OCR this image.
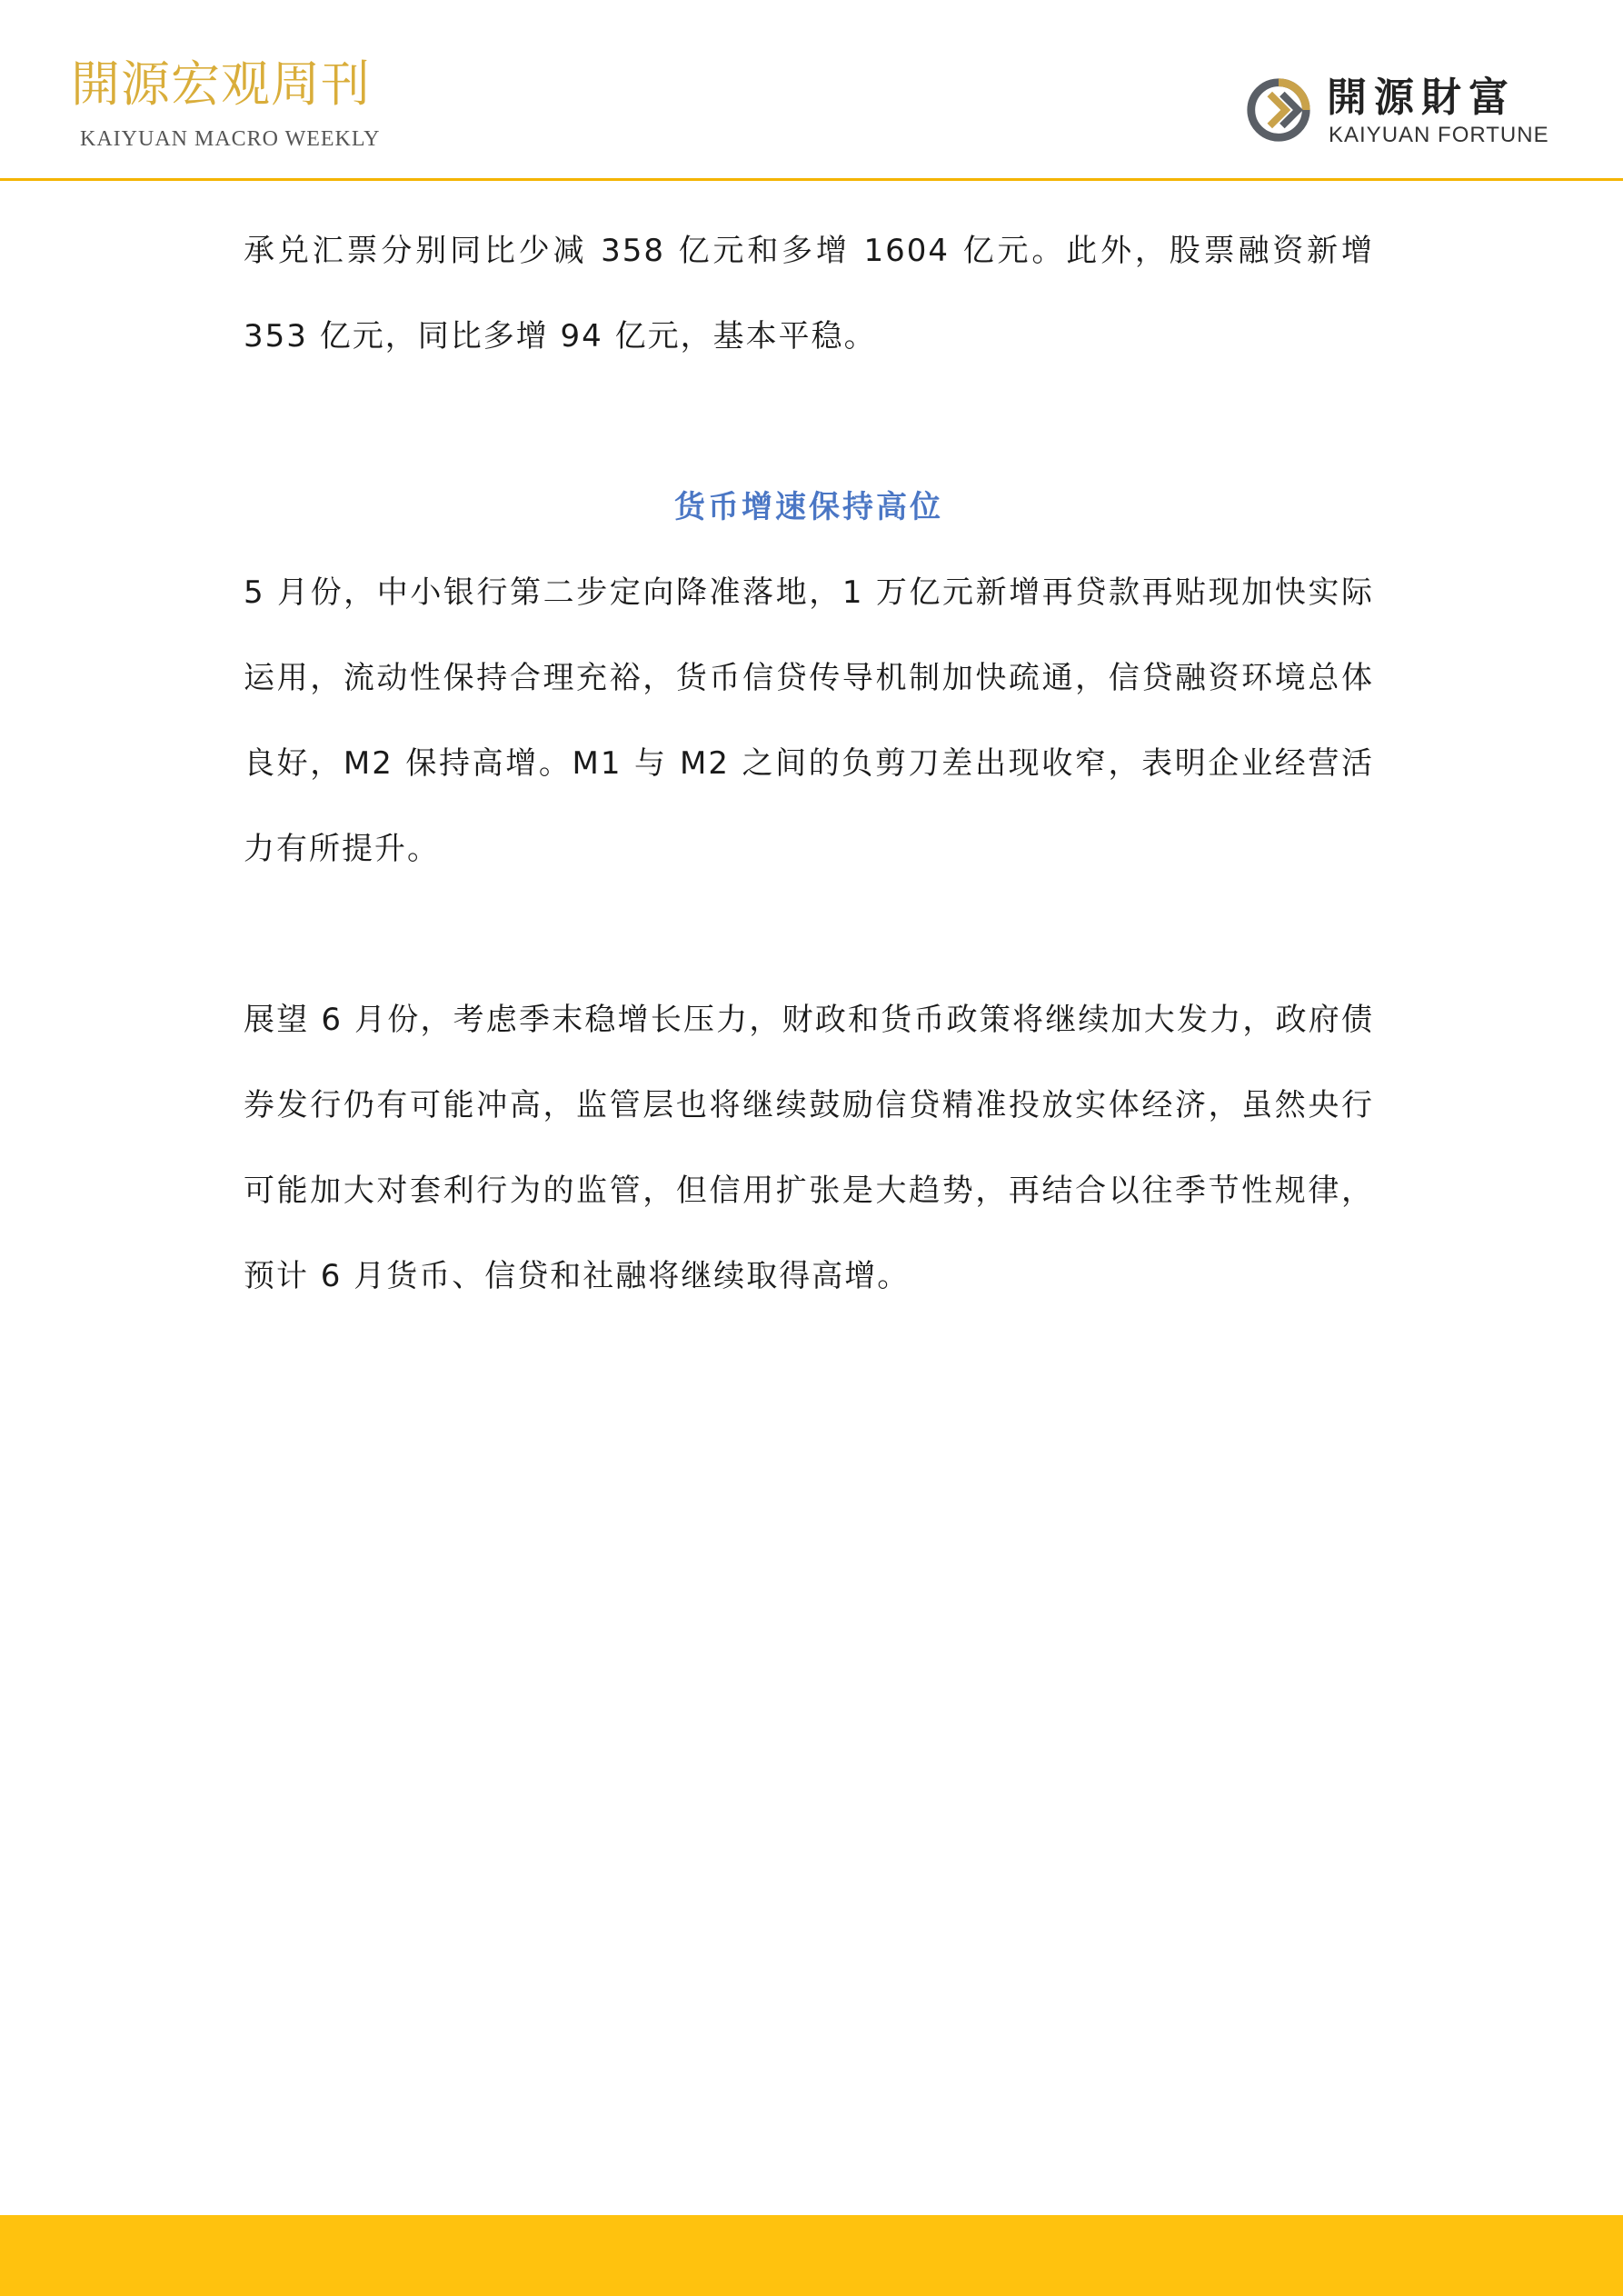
開源宏观周刊
KAIYUAN MACRO WEEKLY
開源財富
KAIYUAN FORTUNE

承兑汇票分别同比少减 358 亿元和多增 1604 亿元。此外，股票融资新增 353 亿元，同比多增 94 亿元，基本平稳。

货币增速保持高位

5 月份，中小银行第二步定向降准落地，1 万亿元新增再贷款再贴现加快实际运用，流动性保持合理充裕，货币信贷传导机制加快疏通，信贷融资环境总体良好，M2 保持高增。M1 与 M2 之间的负剪刀差出现收窄，表明企业经营活力有所提升。

展望 6 月份，考虑季末稳增长压力，财政和货币政策将继续加大发力，政府债券发行仍有可能冲高，监管层也将继续鼓励信贷精准投放实体经济，虽然央行可能加大对套利行为的监管，但信用扩张是大趋势，再结合以往季节性规律，预计 6 月货币、信贷和社融将继续取得高增。
